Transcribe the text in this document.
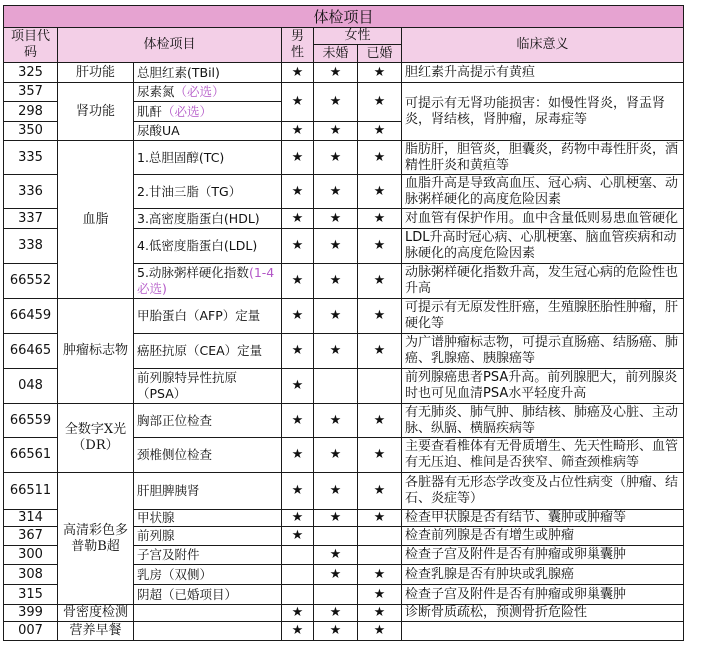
体检项目						
项目代码	体检项目		男性	女性		临床意义
				未婚	已婚	
325	肝功能	总胆红素(TBil)	★	★	★	胆红素升高提示有黄疸
357	肾功能	尿素氮（必选）	★	★	★	可提示有无肾功能损害：如慢性肾炎，肾盂肾炎，肾结核，肾肿瘤，尿毒症等
298		肌酐（必选）				
350		尿酸UA	★	★	★	
335	血脂	1.总胆固醇(TC)	★	★	★	脂肪肝，胆管炎，胆囊炎，药物中毒性肝炎，酒精性肝炎和黄疸等
336		2.甘油三脂（TG）	★	★	★	血脂升高是导致高血压、冠心病、心肌梗塞、动脉粥样硬化的高度危险因素
337		3.高密度脂蛋白(HDL)	★	★	★	对血管有保护作用。血中含量低则易患血管硬化
338		4.低密度脂蛋白(LDL)	★	★	★	LDL升高时冠心病、心肌梗塞、脑血管疾病和动脉硬化的高度危险因素
66552		5.动脉粥样硬化指数(1-4必选)	★	★	★	动脉粥样硬化指数升高，发生冠心病的危险性也升高
66459	肿瘤标志物	甲胎蛋白（AFP）定量	★	★	★	可提示有无原发性肝癌，生殖腺胚胎性肿瘤，肝硬化等
66465		癌胚抗原（CEA）定量	★	★	★	为广谱肿瘤标志物，可提示直肠癌、结肠癌、肺癌、乳腺癌、胰腺癌等
048		前列腺特异性抗原（PSA）	★			前列腺癌患者PSA升高。前列腺肥大，前列腺炎时也可见血清PSA水平轻度升高
66559	全数字X光（DR）	胸部正位检查	★	★	★	有无肺炎、肺气肿、肺结核、肺癌及心脏、主动脉、纵膈、横膈疾病等
66561		颈椎侧位检查	★	★	★	主要查看椎体有无骨质增生、先天性畸形、血管有无压迫、椎间是否狭窄、筛查颈椎病等
66511	高清彩色多普勒B超	肝胆脾胰肾	★	★	★	各脏器有无形态学改变及占位性病变（肿瘤、结石、炎症等）
314		甲状腺	★	★	★	检查甲状腺是否有结节、囊肿或肿瘤等
367		前列腺	★			检查前列腺是否有增生或肿瘤
300		子宫及附件		★		检查子宫及附件是否有肿瘤或卵巢囊肿
308		乳房（双侧）		★	★	检查乳腺是否有肿块或乳腺癌
315		阴超（已婚项目）			★	检查子宫及附件是否有肿瘤或卵巢囊肿
399	骨密度检测		★	★	★	诊断骨质疏松，预测骨折危险性
007	营养早餐		★	★	★	
